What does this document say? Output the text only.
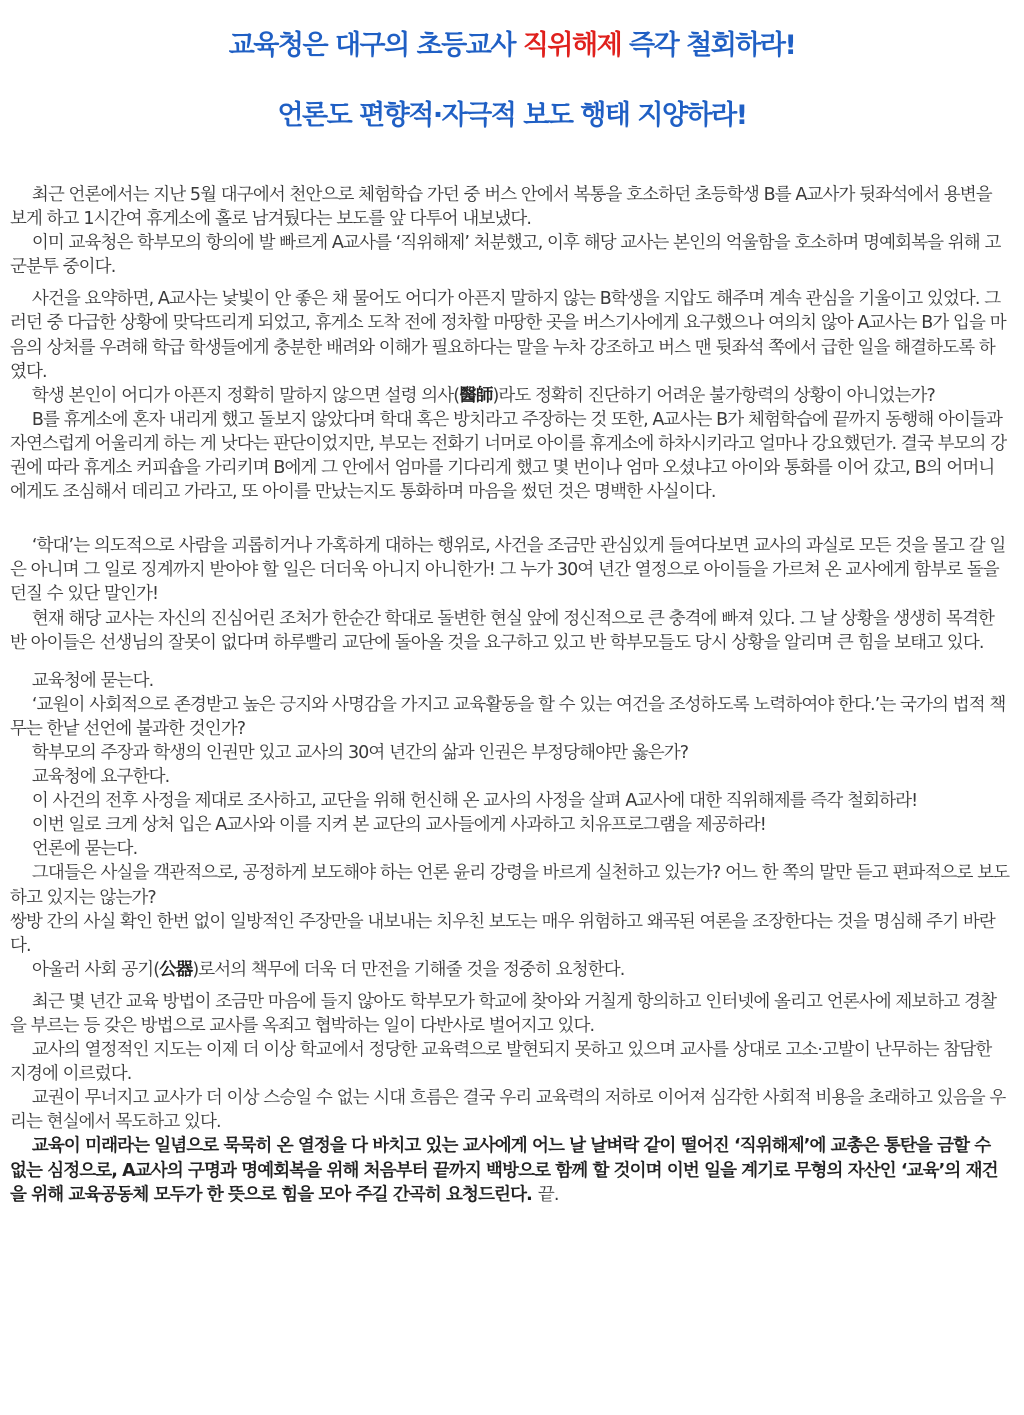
교육청은 대구의 초등교사 직위해제 즉각 철회하라!
언론도 편향적·자극적 보도 행태 지양하라!

최근 언론에서는 지난 5월 대구에서 천안으로 체험학습 가던 중 버스 안에서 복통을 호소하던 초등학생 B를 A교사가 뒷좌석에서 용변을 보게 하고 1시간여 휴게소에 홀로 남겨뒀다는 보도를 앞 다투어 내보냈다.

이미 교육청은 학부모의 항의에 발 빠르게 A교사를 ‘직위해제’ 처분했고, 이후 해당 교사는 본인의 억울함을 호소하며 명예회복을 위해 고군분투 중이다.

사건을 요약하면, A교사는 낯빛이 안 좋은 채 물어도 어디가 아픈지 말하지 않는 B학생을 지압도 해주며 계속 관심을 기울이고 있었다. 그러던 중 다급한 상황에 맞닥뜨리게 되었고, 휴게소 도착 전에 정차할 마땅한 곳을 버스기사에게 요구했으나 여의치 않아 A교사는 B가 입을 마음의 상처를 우려해 학급 학생들에게 충분한 배려와 이해가 필요하다는 말을 누차 강조하고 버스 맨 뒷좌석 쪽에서 급한 일을 해결하도록 하였다.

학생 본인이 어디가 아픈지 정확히 말하지 않으면 설령 의사(醫師)라도 정확히 진단하기 어려운 불가항력의 상황이 아니었는가?

B를 휴게소에 혼자 내리게 했고 돌보지 않았다며 학대 혹은 방치라고 주장하는 것 또한, A교사는 B가 체험학습에 끝까지 동행해 아이들과 자연스럽게 어울리게 하는 게 낫다는 판단이었지만, 부모는 전화기 너머로 아이를 휴게소에 하차시키라고 얼마나 강요했던가. 결국 부모의 강권에 따라 휴게소 커피숍을 가리키며 B에게 그 안에서 엄마를 기다리게 했고 몇 번이나 엄마 오셨냐고 아이와 통화를 이어 갔고, B의 어머니에게도 조심해서 데리고 가라고, 또 아이를 만났는지도 통화하며 마음을 썼던 것은 명백한 사실이다.

‘학대’는 의도적으로 사람을 괴롭히거나 가혹하게 대하는 행위로, 사건을 조금만 관심있게 들여다보면 교사의 과실로 모든 것을 몰고 갈 일은 아니며 그 일로 징계까지 받아야 할 일은 더더욱 아니지 아니한가! 그 누가 30여 년간 열정으로 아이들을 가르쳐 온 교사에게 함부로 돌을 던질 수 있단 말인가!

현재 해당 교사는 자신의 진심어린 조처가 한순간 학대로 돌변한 현실 앞에 정신적으로 큰 충격에 빠져 있다. 그 날 상황을 생생히 목격한 반 아이들은 선생님의 잘못이 없다며 하루빨리 교단에 돌아올 것을 요구하고 있고 반 학부모들도 당시 상황을 알리며 큰 힘을 보태고 있다.

교육청에 묻는다.

‘교원이 사회적으로 존경받고 높은 긍지와 사명감을 가지고 교육활동을 할 수 있는 여건을 조성하도록 노력하여야 한다.’는 국가의 법적 책무는 한낱 선언에 불과한 것인가?

학부모의 주장과 학생의 인권만 있고 교사의 30여 년간의 삶과 인권은 부정당해야만 옳은가?

교육청에 요구한다.

이 사건의 전후 사정을 제대로 조사하고, 교단을 위해 헌신해 온 교사의 사정을 살펴 A교사에 대한 직위해제를 즉각 철회하라!

이번 일로 크게 상처 입은 A교사와 이를 지켜 본 교단의 교사들에게 사과하고 치유프로그램을 제공하라!

언론에 묻는다.

그대들은 사실을 객관적으로, 공정하게 보도해야 하는 언론 윤리 강령을 바르게 실천하고 있는가? 어느 한 쪽의 말만 듣고 편파적으로 보도하고 있지는 않는가?

쌍방 간의 사실 확인 한번 없이 일방적인 주장만을 내보내는 치우친 보도는 매우 위험하고 왜곡된 여론을 조장한다는 것을 명심해 주기 바란다.

아울러 사회 공기(公器)로서의 책무에 더욱 더 만전을 기해줄 것을 정중히 요청한다.

최근 몇 년간 교육 방법이 조금만 마음에 들지 않아도 학부모가 학교에 찾아와 거칠게 항의하고 인터넷에 올리고 언론사에 제보하고 경찰을 부르는 등 갖은 방법으로 교사를 옥죄고 협박하는 일이 다반사로 벌어지고 있다.

교사의 열정적인 지도는 이제 더 이상 학교에서 정당한 교육력으로 발현되지 못하고 있으며 교사를 상대로 고소·고발이 난무하는 참담한 지경에 이르렀다.

교권이 무너지고 교사가 더 이상 스승일 수 없는 시대 흐름은 결국 우리 교육력의 저하로 이어져 심각한 사회적 비용을 초래하고 있음을 우리는 현실에서 목도하고 있다.

교육이 미래라는 일념으로 묵묵히 온 열정을 다 바치고 있는 교사에게 어느 날 날벼락 같이 떨어진 ‘직위해제’에 교총은 통탄을 금할 수 없는 심정으로, A교사의 구명과 명예회복을 위해 처음부터 끝까지 백방으로 함께 할 것이며 이번 일을 계기로 무형의 자산인 ‘교육’의 재건을 위해 교육공동체 모두가 한 뜻으로 힘을 모아 주길 간곡히 요청드린다. 끝.
